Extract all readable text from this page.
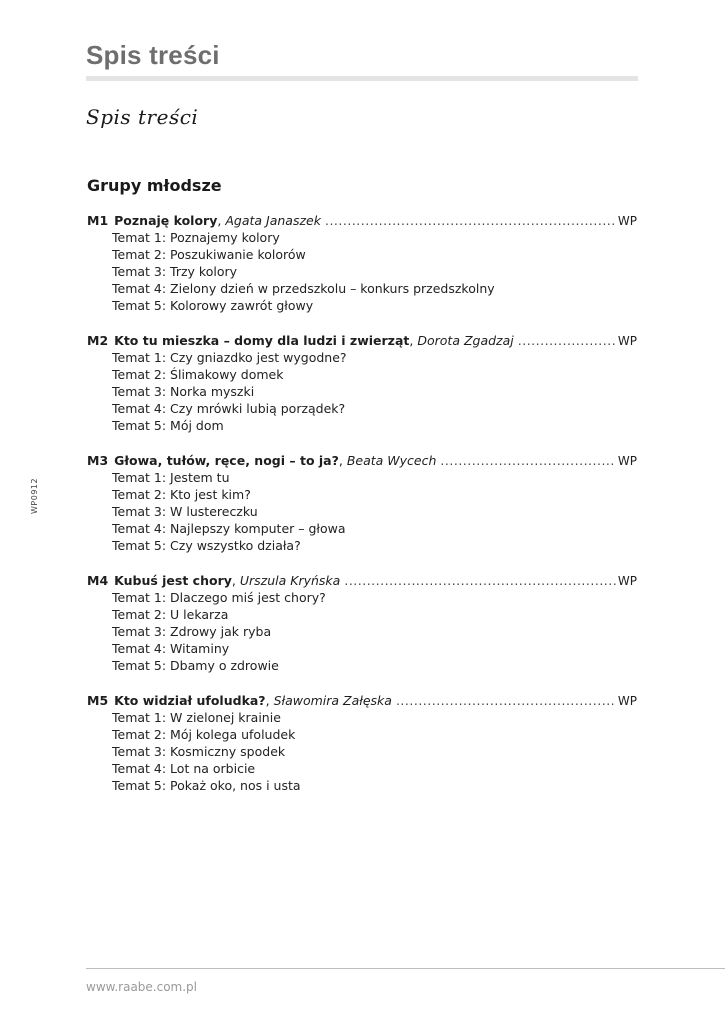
Spis treści
Spis treści
Grupy młodsze
M1 Poznaję kolory , Agata Janaszek .....	WP
Temat 1: Poznajemy kolory
Temat 2: Poszukiwanie kolorów
Temat 3: Trzy kolory
Temat 4: Zielony dzień w przedszkolu – konkurs przedszkolny
Temat 5: Kolorowy zawrót głowy
M2 Kto tu mieszka – domy dla ludzi i zwierząt , Dorota Zgadzaj .....	WP
Temat 1: Czy gniazdko jest wygodne?
Temat 2: Ślimakowy domek
Temat 3: Norka myszki
Temat 4: Czy mrówki lubią porządek?
Temat 5: Mój dom
M3 Głowa, tułów, ręce, nogi – to ja? , Beata Wycech .....	WP
Temat 1: Jestem tu
Temat 2: Kto jest kim?
Temat 3: W lustereczku
Temat 4: Najlepszy komputer – głowa
Temat 5: Czy wszystko działa?
M4 Kubuś jest chory , Urszula Kryńska .....	WP
Temat 1: Dlaczego miś jest chory?
Temat 2: U lekarza
Temat 3: Zdrowy jak ryba
Temat 4: Witaminy
Temat 5: Dbamy o zdrowie
M5 Kto widział ufoludka? , Sławomira Załęska .....	WP
Temat 1: W zielonej krainie
Temat 2: Mój kolega ufoludek
Temat 3: Kosmiczny spodek
Temat 4: Lot na orbicie
Temat 5: Pokaż oko, nos i usta
WP0912
www.raabe.com.pl
